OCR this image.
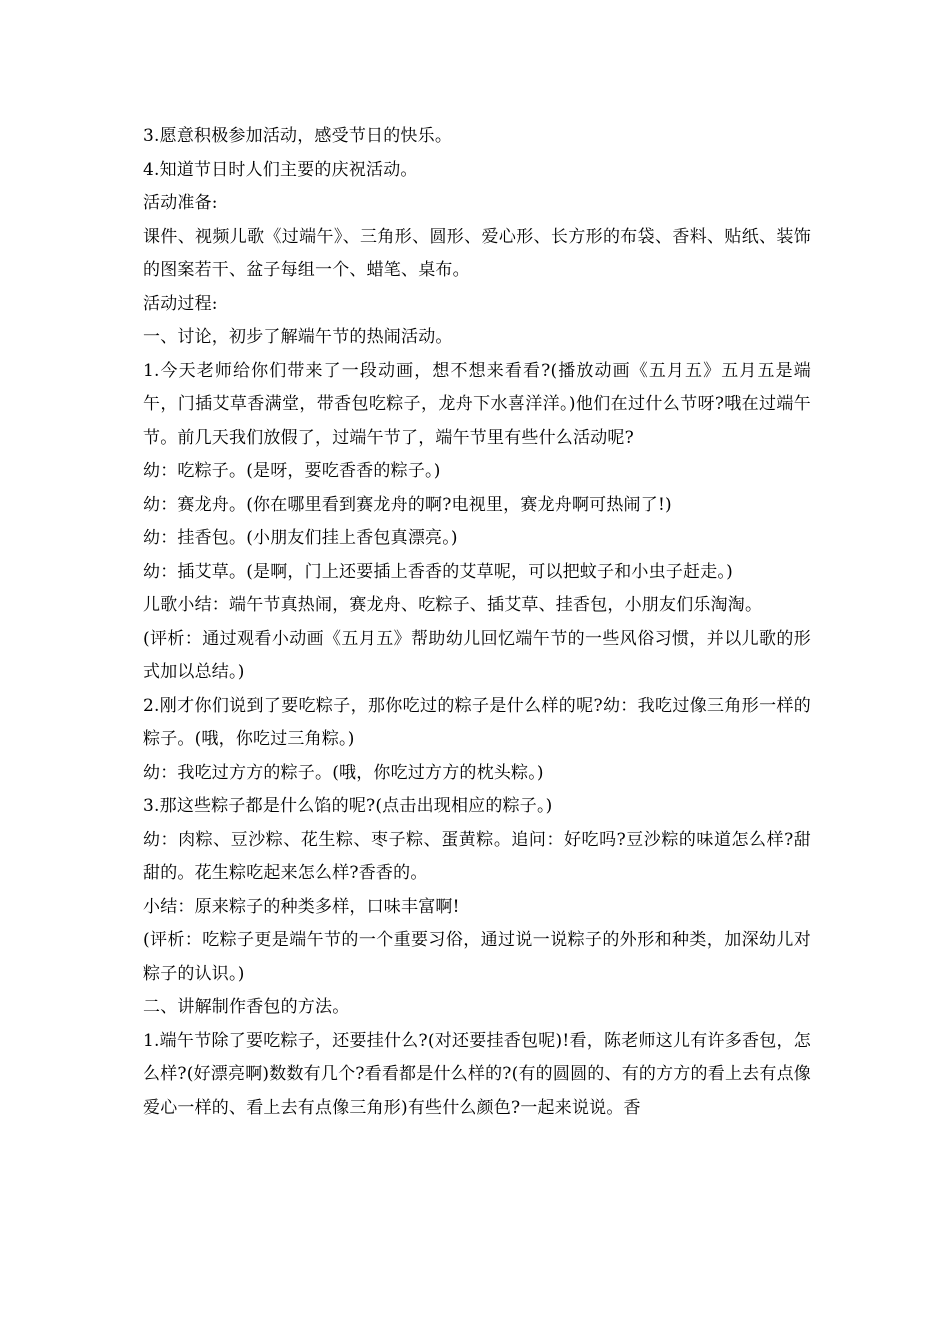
3.愿意积极参加活动，感受节日的快乐。

4.知道节日时人们主要的庆祝活动。

活动准备:

课件、视频儿歌《过端午》、三角形、圆形、爱心形、长方形的布袋、香料、贴纸、装饰的图案若干、盆子每组一个、蜡笔、桌布。

活动过程:

一、讨论，初步了解端午节的热闹活动。

1.今天老师给你们带来了一段动画，想不想来看看?(播放动画《五月五》五月五是端午，门插艾草香满堂，带香包吃粽子，龙舟下水喜洋洋。)他们在过什么节呀?哦在过端午节。前几天我们放假了，过端午节了，端午节里有些什么活动呢?

幼：吃粽子。(是呀，要吃香香的粽子。)

幼：赛龙舟。(你在哪里看到赛龙舟的啊?电视里，赛龙舟啊可热闹了!)

幼：挂香包。(小朋友们挂上香包真漂亮。)

幼：插艾草。(是啊，门上还要插上香香的艾草呢，可以把蚊子和小虫子赶走。)

儿歌小结：端午节真热闹，赛龙舟、吃粽子、插艾草、挂香包，小朋友们乐淘淘。

(评析：通过观看小动画《五月五》帮助幼儿回忆端午节的一些风俗习惯，并以儿歌的形式加以总结。)

2.刚才你们说到了要吃粽子，那你吃过的粽子是什么样的呢?幼：我吃过像三角形一样的粽子。(哦，你吃过三角粽。)

幼：我吃过方方的粽子。(哦，你吃过方方的枕头粽。)

3.那这些粽子都是什么馅的呢?(点击出现相应的粽子。)

幼：肉粽、豆沙粽、花生粽、枣子粽、蛋黄粽。追问：好吃吗?豆沙粽的味道怎么样?甜甜的。花生粽吃起来怎么样?香香的。

小结：原来粽子的种类多样，口味丰富啊!

(评析：吃粽子更是端午节的一个重要习俗，通过说一说粽子的外形和种类，加深幼儿对粽子的认识。)

二、讲解制作香包的方法。

1.端午节除了要吃粽子，还要挂什么?(对还要挂香包呢)!看，陈老师这儿有许多香包，怎么样?(好漂亮啊)数数有几个?看看都是什么样的?(有的圆圆的、有的方方的看上去有点像爱心一样的、看上去有点像三角形)有些什么颜色?一起来说说。香
